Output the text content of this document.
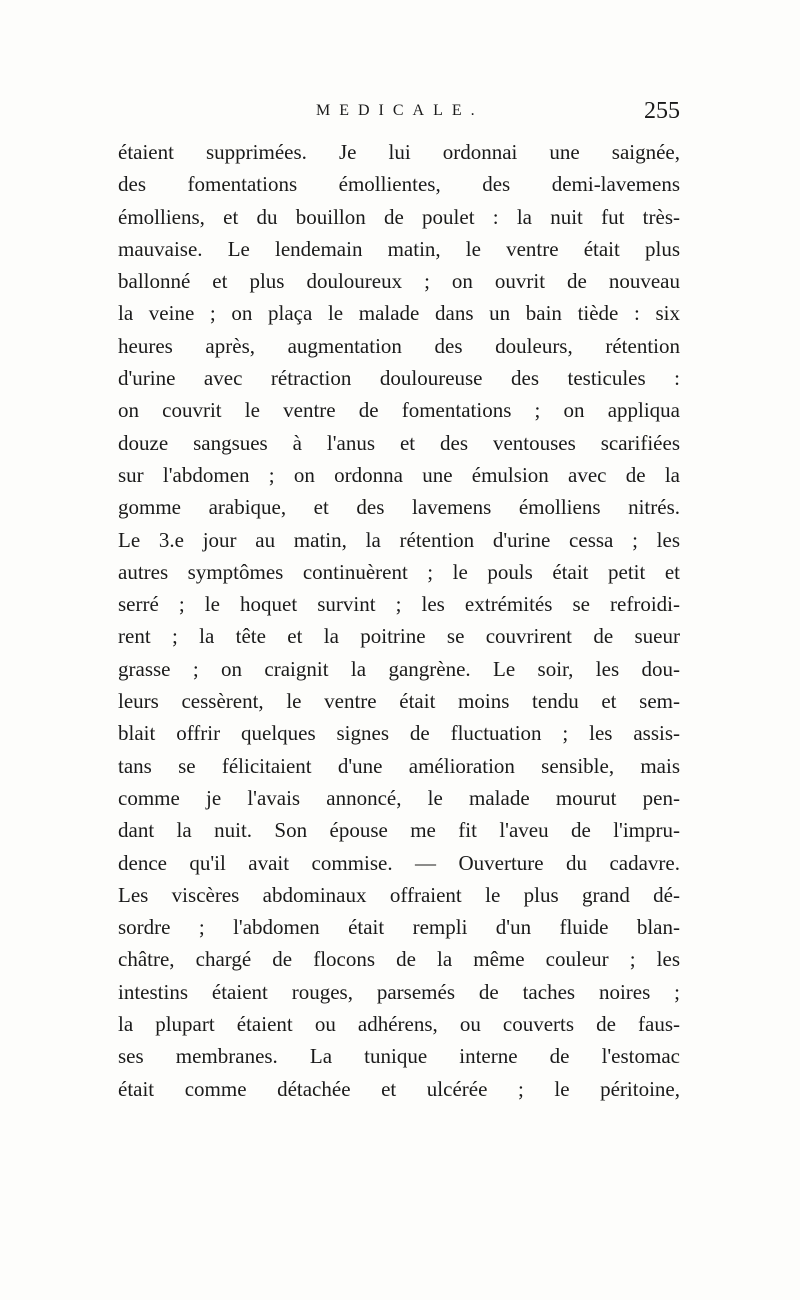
MEDICALE.	255
étaient supprimées. Je lui ordonnai une saignée,
des fomentations émollientes, des demi-lavemens
émolliens, et du bouillon de poulet : la nuit fut très-
mauvaise. Le lendemain matin, le ventre était plus
ballonné et plus douloureux ; on ouvrit de nouveau
la veine ; on plaça le malade dans un bain tiède : six
heures après, augmentation des douleurs, rétention
d'urine avec rétraction douloureuse des testicules :
on couvrit le ventre de fomentations ; on appliqua
douze sangsues à l'anus et des ventouses scarifiées
sur l'abdomen ; on ordonna une émulsion avec de la
gomme arabique, et des lavemens émolliens nitrés.
Le 3.e jour au matin, la rétention d'urine cessa ; les
autres symptômes continuèrent ; le pouls était petit et
serré ; le hoquet survint ; les extrémités se refroidi-
rent ; la tête et la poitrine se couvrirent de sueur
grasse ; on craignit la gangrène. Le soir, les dou-
leurs cessèrent, le ventre était moins tendu et sem-
blait offrir quelques signes de fluctuation ; les assis-
tans se félicitaient d'une amélioration sensible, mais
comme je l'avais annoncé, le malade mourut pen-
dant la nuit. Son épouse me fit l'aveu de l'impru-
dence qu'il avait commise. — Ouverture du cadavre.
Les viscères abdominaux offraient le plus grand dé-
sordre ; l'abdomen était rempli d'un fluide blan-
châtre, chargé de flocons de la même couleur ; les
intestins étaient rouges, parsemés de taches noires ;
la plupart étaient ou adhérens, ou couverts de faus-
ses membranes. La tunique interne de l'estomac
était comme détachée et ulcérée ; le péritoine,
